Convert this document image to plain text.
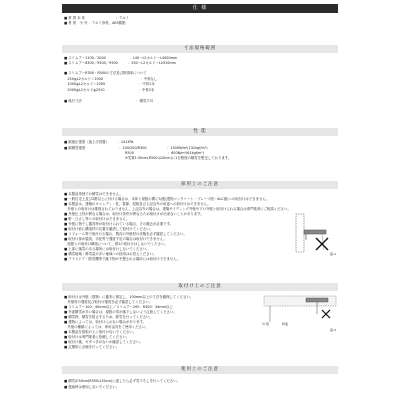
仕 様
■ 材 質 本 体　　　　　　　　　：アルミ
■ 材 質　小 外 ：アルミ形材、AES樹脂
寸法規格範囲
■ スリムアー1100／2000　　　　　　　：L40～L2カルド〜L4000mm
■ スリムアー6300／9300／9500　　　：250～L2カルド〜L2910mm
■ スリムアーR300・R500の寸法及び推奨率について
　250≦L2カルド＜1000　　　　　　　　　　　：中骨なし
　1000≦L2カルド＜2000　　　　　　　　　　：中骨1本
　2000≦L2カルド≦2910　　　　　　　　　　：中骨2本
■ 奥行寸法　　　　　　　　　　　　　　　　：積雪不可
性 能
■ 耐風圧強度（風上げ設置）　　　：1413Pa
■ 耐積雪強度　　　　　　　　　　：100/200/R300　　　　　　：1300N/m²(132kgf/m²)
　　　　　　　　　　　　　　　　　　R500　　　　　　　　　　：600N/m²(61kgf/m²)
　　　　　　　　　　　　　　　　　　※雪質1:50cm(R500は20cm)に1日程度の積雪を想定しております。
採用上のご注意
■ 本製品単独での積雪はできません。
■ 一般住宅上及び2階以上に付ける場合は、本体と屋根の間に勾配(建物コンクリート・ブレーブ面・ALC面)への取付けはできません。
■ 本製品は、建築のキャンディ・柱、電線、屋根及び上記以外の用途への取付けはできません。
　外壁との取付けは推奨されておりません。上記以外の場合は、建築サイディング外壁やプロ外壁と取付けられる場合は専門業者にご相談ください。
■ 外壁仕上材が異なる場合は、取付け条件が異なるため取付けが出来ないことがあります。
■ 軒・ひさし等との取付けはできません。
■ 外壁に物干し器具等が取付けられている場合、その撤去が必要です。
■ 取付け前に構造材の位置を確認して取付けてください。
■ リフォーム等で取付ける場合、既存の外壁材の状態を必ず確認してください。
■ 取付け部が腐食、劣化等で強度不足の場合は取付けできません。
　屋根との取付け構造について、図1の取付けはしないでください。
■ 上部に落雪のある場所には取付けしないでください。
■ 積雪地域・降雪量が多い地域への採用はお控えください。
■ テラスドア・除雪機等で落下物が予想される場所には取付けできません。
図-1
取付け上のご注意
■ 取付けは外壁（建物）に確実に固定し、100mm以上の寸法を確保してください。
　外壁材の強度及び取付け強度を必ず確認してください。
■ スリムアー100：40mm以上／スリムアー200：R300：34mm以上
■ 外部積雪が多い場合は、屋根の雪が落下しないよう注意してください。
■ 積雪時、積雪を防止するため、除雪を行ってください。
■ 建物によっては、取付けられない場合があります。
　外壁の種類によっては、専用金具をご使用ください。
■ 本製品を屋根の上に取付けないでください。
■ 取付けは専門業者に依頼してください。
■ 取付け後、ガタつきがないか確認してください。
■ 定期的に点検を行ってください。
外 壁	軒面
図-2
使用上のご注意
■ 積雪が50cm(R500は20cm)に達したら必ず雪下ろしを行ってください。
■ 強風時は使用しないでください。
